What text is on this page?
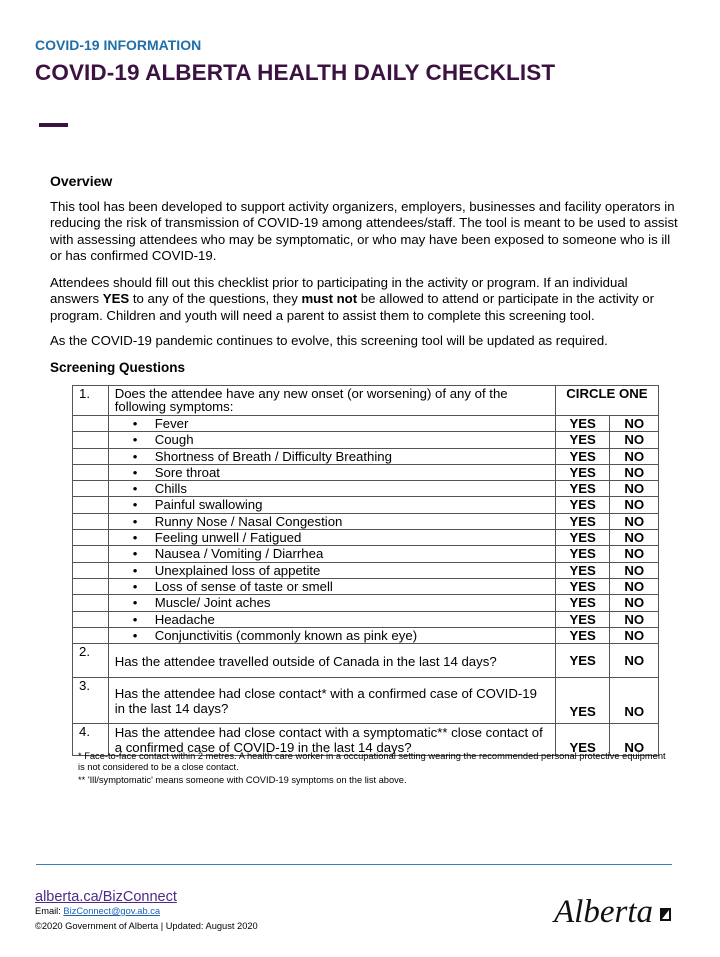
COVID-19 INFORMATION
COVID-19 ALBERTA HEALTH DAILY CHECKLIST
Overview
This tool has been developed to support activity organizers, employers, businesses and facility operators in reducing the risk of transmission of COVID-19 among attendees/staff. The tool is meant to be used to assist with assessing attendees who may be symptomatic, or who may have been exposed to someone who is ill or has confirmed COVID-19.
Attendees should fill out this checklist prior to participating in the activity or program. If an individual answers YES to any of the questions, they must not be allowed to attend or participate in the activity or program. Children and youth will need a parent to assist them to complete this screening tool.
As the COVID-19 pandemic continues to evolve, this screening tool will be updated as required.
Screening Questions
1.	Does the attendee have any new onset (or worsening) of any of the following symptoms:	CIRCLE ONE	
	• Fever	YES	NO
	• Cough	YES	NO
	• Shortness of Breath / Difficulty Breathing	YES	NO
	• Sore throat	YES	NO
	• Chills	YES	NO
	• Painful swallowing	YES	NO
	• Runny Nose / Nasal Congestion	YES	NO
	• Feeling unwell / Fatigued	YES	NO
	• Nausea / Vomiting / Diarrhea	YES	NO
	• Unexplained loss of appetite	YES	NO
	• Loss of sense of taste or smell	YES	NO
	• Muscle/ Joint aches	YES	NO
	• Headache	YES	NO
	• Conjunctivitis (commonly known as pink eye)	YES	NO
2.	Has the attendee travelled outside of Canada in the last 14 days?	YES	NO
3.	Has the attendee had close contact* with a confirmed case of COVID-19 in the last 14 days?	YES	NO
4.	Has the attendee had close contact with a symptomatic** close contact of a confirmed case of COVID-19 in the last 14 days?	YES	NO
* Face-to-face contact within 2 metres. A health care worker in a occupational setting wearing the recommended personal protective equipment is not considered to be a close contact.
** 'Ill/symptomatic' means someone with COVID-19 symptoms on the list above.
alberta.ca/BizConnect
Email: BizConnect@gov.ab.ca
©2020 Government of Alberta | Updated: August 2020	Alberta
